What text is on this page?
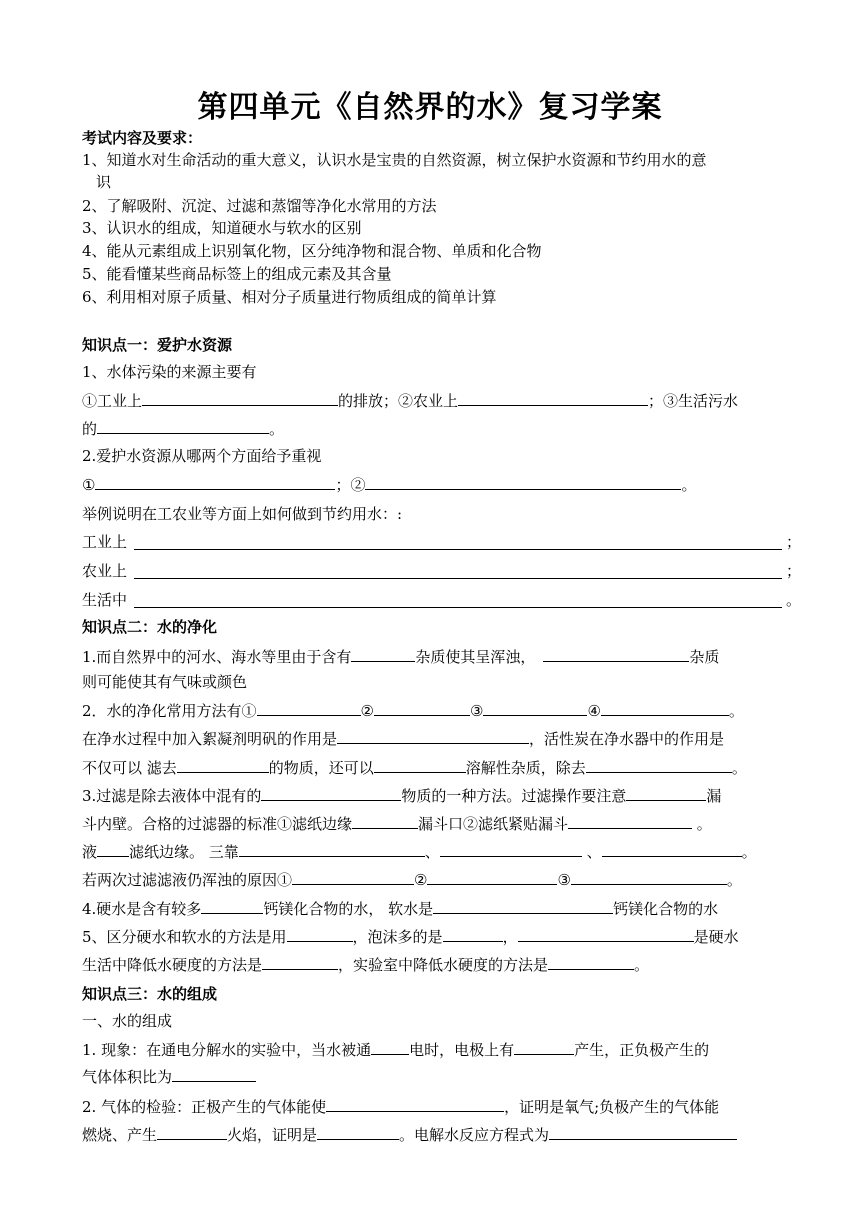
第四单元《自然界的水》复习学案
考试内容及要求：
1、知道水对生命活动的重大意义，认识水是宝贵的自然资源，树立保护水资源和节约用水的意
识
2、了解吸附、沉淀、过滤和蒸馏等净化水常用的方法
3、认识水的组成，知道硬水与软水的区别
4、能从元素组成上识别氧化物，区分纯净物和混合物、单质和化合物
5、能看懂某些商品标签上的组成元素及其含量
6、利用相对原子质量、相对分子质量进行物质组成的简单计算
知识点一：爱护水资源
1、水体污染的来源主要有
①工业上	的排放；②农业上	；③生活污水
的	。
2.爱护水资源从哪两个方面给予重视
①	；②	。
举例说明在工农业等方面上如何做到节约用水：:
工业上	；
农业上	；
生活中	。
知识点二：水的净化
1.而自然界中的河水、海水等里由于含有	杂质使其呈浑浊，	杂质
则可能使其有气味或颜色
2．水的净化常用方法有①	②	③	④	。
在净水过程中加入絮凝剂明矾的作用是	，活性炭在净水器中的作用是
不仅可以 滤去	的物质，还可以	溶解性杂质，除去	。
3.过滤是除去液体中混有的	物质的一种方法。过滤操作要注意	漏
斗内壁。合格的过滤器的标准①滤纸边缘	漏斗口②滤纸紧贴漏斗	。
液 滤纸边缘。 三靠	、	、	。
若两次过滤滤液仍浑浊的原因①	②	③	。
4.硬水是含有较多	钙镁化合物的水， 软水是	钙镁化合物的水
5、区分硬水和软水的方法是用	，泡沫多的是	，	是硬水
生活中降低水硬度的方法是	，实验室中降低水硬度的方法是	。
知识点三：水的组成
一、水的组成
1. 现象：在通电分解水的实验中，当水被通	电时，电极上有	产生，正负极产生的
气体体积比为
2. 气体的检验：正极产生的气体能使	，证明是氧气;负极产生的气体能
燃烧、产生	火焰，证明是	。电解水反应方程式为
